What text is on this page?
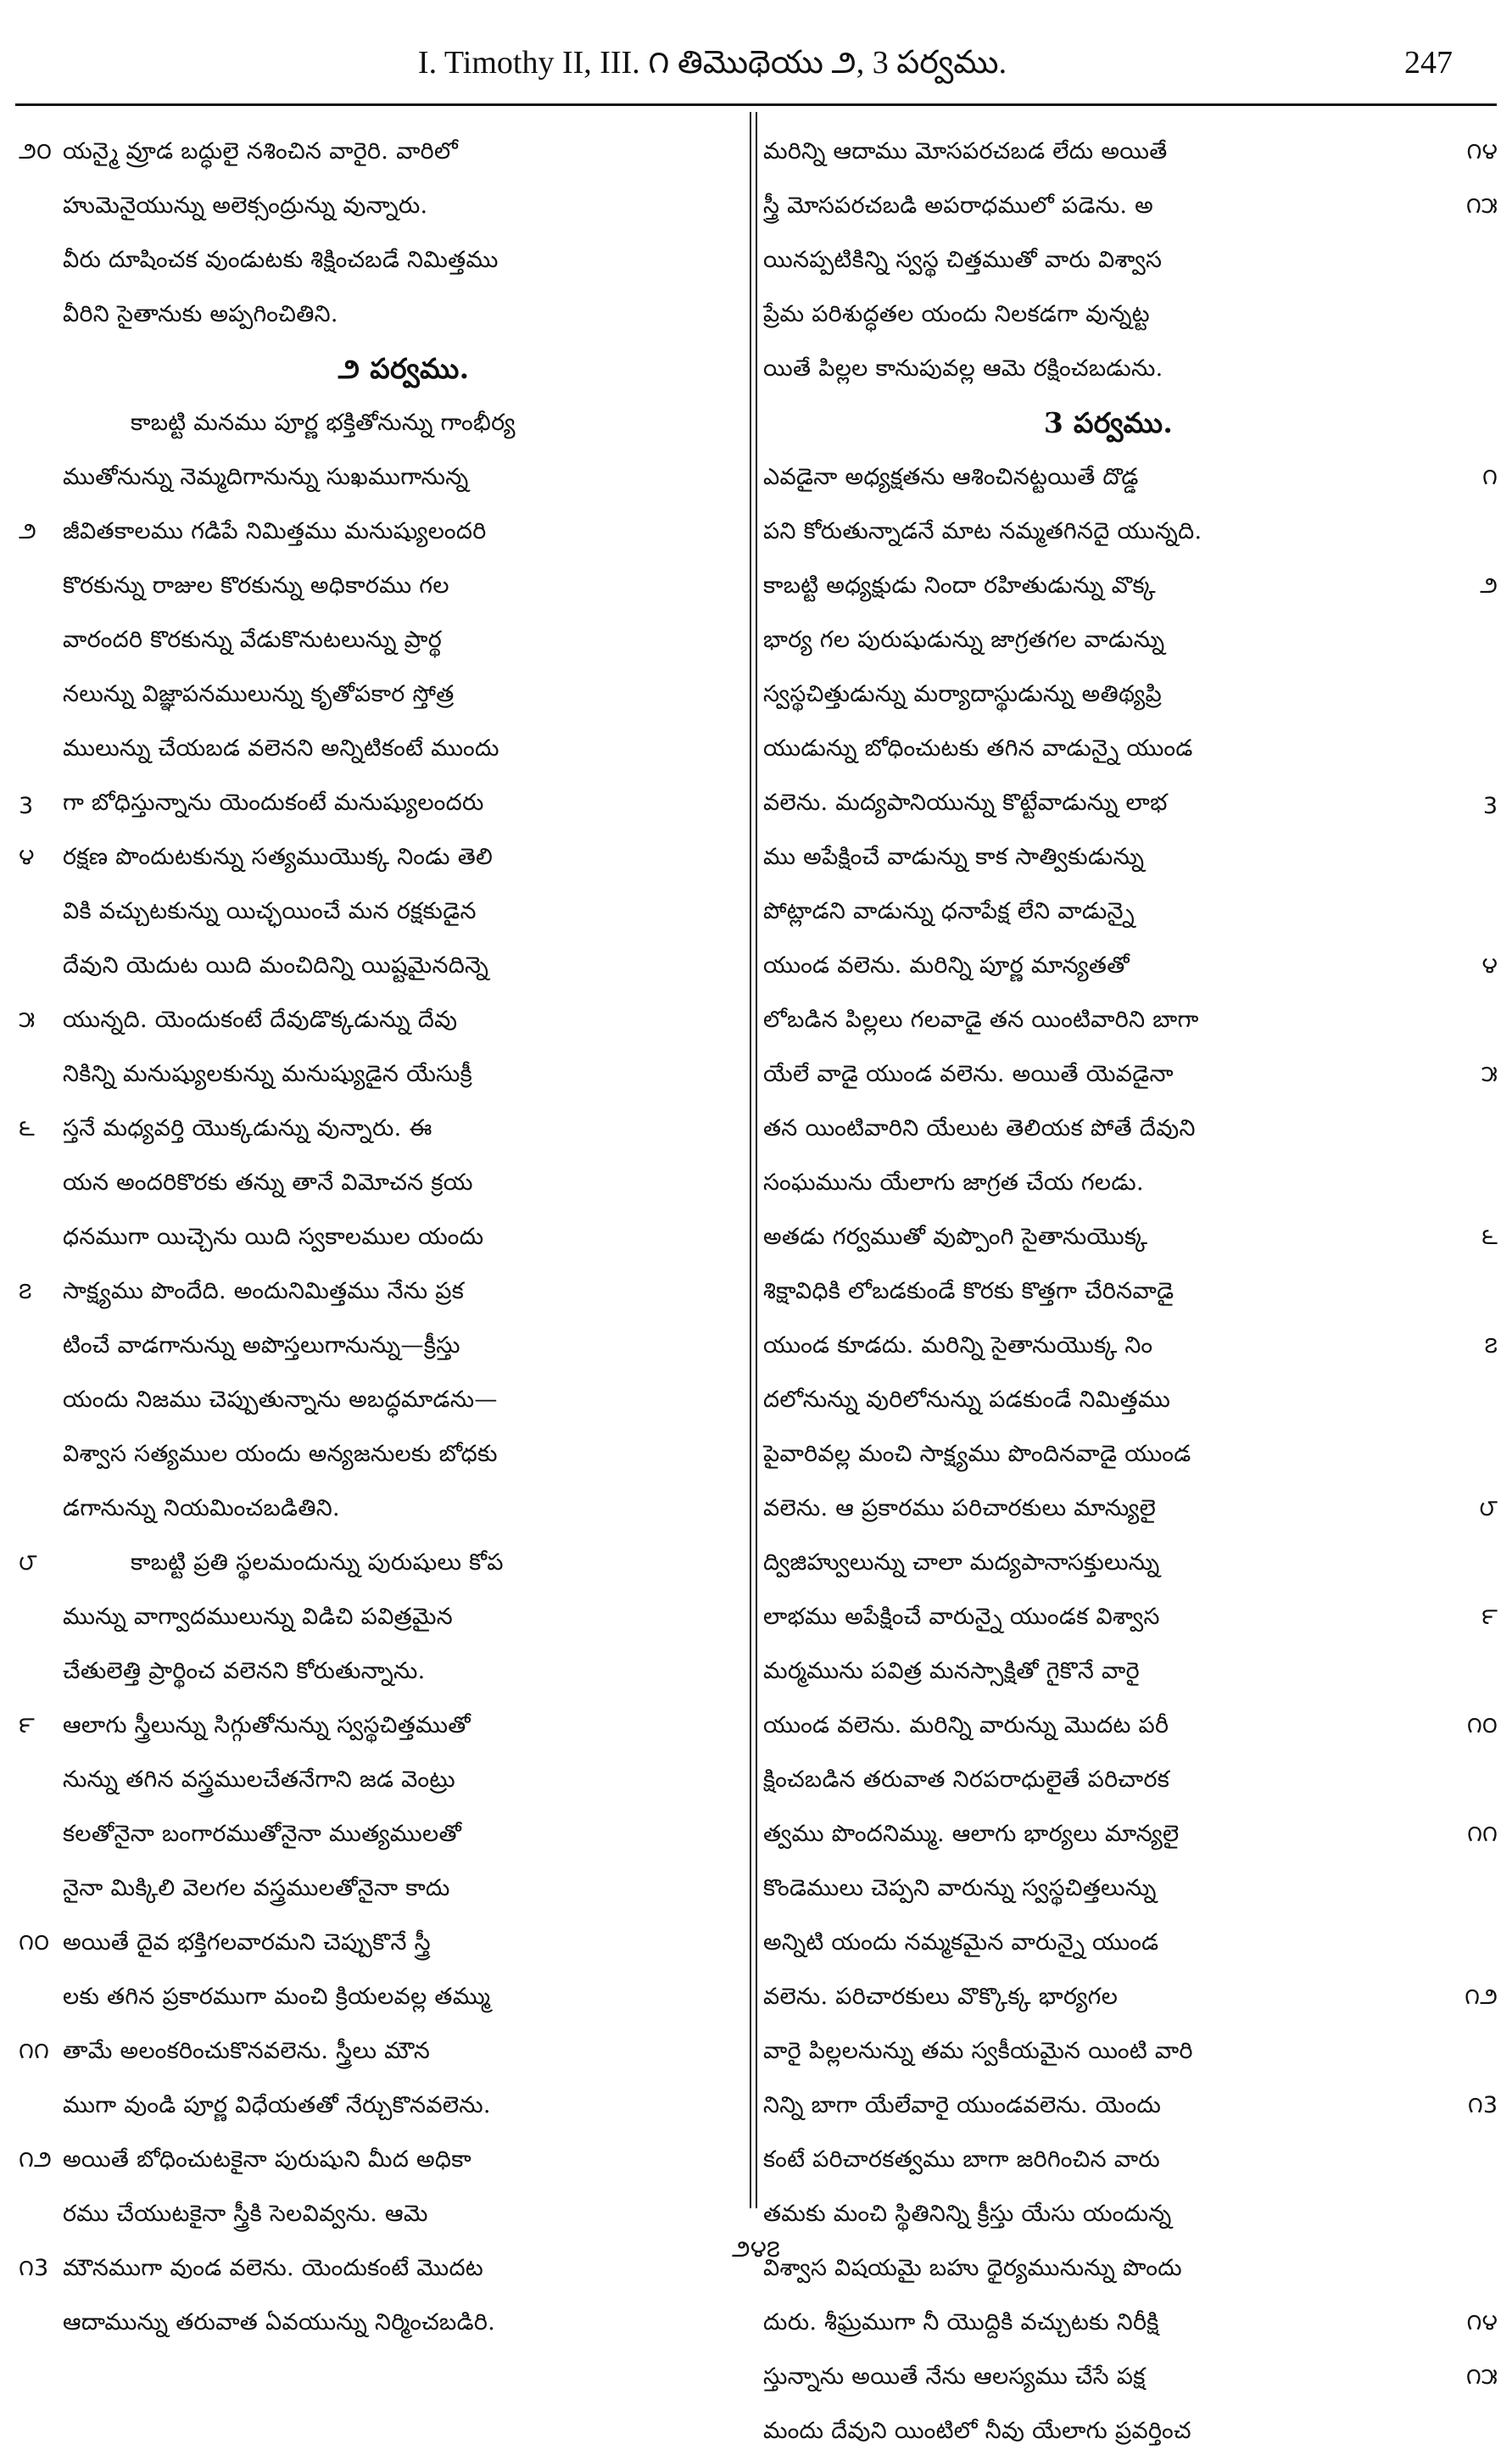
I. Timothy II, III. ౧ తిమొథెయు ౨, 3 పర్వము.	247
౨౦ యన్మై వ్రూడ బద్ధులై నశించిన వారైరి. వారిలో
హుమెనైయున్ను అలెక్సంద్రున్ను వున్నారు.
వీరు దూషించక వుండుటకు శిక్షించబడే నిమిత్తము
వీరిని సైతానుకు అప్పగించితిని.
౨ పర్వము.
కాబట్టి మనము పూర్ణ భక్తితోనున్ను గాంభీర్య
ముతోనున్ను నెమ్మదిగానున్ను సుఖముగానున్న
౨	జీవితకాలము గడిపే నిమిత్తము మనుష్యులందరి
కొరకున్ను రాజుల కొరకున్ను అధికారము గల
వారందరి కొరకున్ను వేడుకొనుటలున్ను ప్రార్థ
నలున్ను విజ్ఞాపనములున్ను కృతోపకార స్తోత్ర
ములున్ను చేయబడ వలెనని అన్నిటికంటే ముందు
3	గా బోధిస్తున్నాను యెందుకంటే మనుష్యులందరు
౪	రక్షణ పొందుటకున్ను సత్యముయొక్క నిండు తెలి
వికి వచ్చుటకున్ను యిచ్ఛయించే మన రక్షకుడైన
దేవుని యెదుట యిది మంచిదిన్ని యిష్టమైనదిన్నె
౫	యున్నది. యెందుకంటే దేవుడొక్కడున్ను దేవు
నికిన్ని మనుష్యులకున్ను మనుష్యుడైన యేసుక్రీ
౬	స్తనే మధ్యవర్తి యొక్కడున్ను వున్నారు. ఈ
యన అందరికొరకు తన్ను తానే విమోచన క్రయ
ధనముగా యిచ్చెను యిది స్వకాలముల యందు
౭	సాక్ష్యము పొందేది. అందునిమిత్తము నేను ప్రక
టించే వాడగానున్ను అపొస్తలుగానున్ను—క్రీస్తు
యందు నిజము చెప్పుతున్నాను అబద్ధమాడను—
విశ్వాస సత్యముల యందు అన్యజనులకు బోధకు
డగానున్ను నియమించబడితిని.
౮	కాబట్టి ప్రతి స్థలమందున్ను పురుషులు కోప
మున్ను వాగ్వాదములున్ను విడిచి పవిత్రమైన
చేతులెత్తి ప్రార్థించ వలెనని కోరుతున్నాను.
౯	ఆలాగు స్త్రీలున్ను సిగ్గుతోనున్ను స్వస్థచిత్తముతో
నున్ను తగిన వస్త్రములచేతనేగాని జడ వెంట్రు
కలతోనైనా బంగారముతోనైనా ముత్యములతో
నైనా మిక్కిలి వెలగల వస్త్రములతోనైనా కాదు
౧౦ అయితే దైవ భక్తిగలవారమని చెప్పుకొనే స్త్రీ
లకు తగిన ప్రకారముగా మంచి క్రియలవల్ల తమ్ము
౧౧ తామే అలంకరించుకొనవలెను. స్త్రీలు మౌన
ముగా వుండి పూర్ణ విధేయతతో నేర్చుకొనవలెను.
౧౨ అయితే బోధించుటకైనా పురుషుని మీద అధికా
రము చేయుటకైనా స్త్రీకి సెలవివ్వను. ఆమె
౧3 మౌనముగా వుండ వలెను. యెందుకంటే మొదట
ఆదామున్ను తరువాత ఏవయున్ను నిర్మించబడిరి.
మరిన్ని ఆదాము మోసపరచబడ లేదు అయితే	౧౪
స్త్రీ మోసపరచబడి అపరాధములో పడెను. అ	౧౫
యినప్పటికిన్ని స్వస్థ చిత్తముతో వారు విశ్వాస
ప్రేమ పరిశుద్ధతల యందు నిలకడగా వున్నట్ట
యితే పిల్లల కానుపువల్ల ఆమె రక్షించబడును.
3 పర్వము.
ఎవడైనా అధ్యక్షతను ఆశించినట్టయితే దొడ్డ	౧
పని కోరుతున్నాడనే మాట నమ్మతగినదై యున్నది.
కాబట్టి అధ్యక్షుడు నిందా రహితుడున్ను వొక్క	౨
భార్య గల పురుషుడున్ను జాగ్రతగల వాడున్ను
స్వస్థచిత్తుడున్ను మర్యాదాస్థుడున్ను అతిథ్యప్రి
యుడున్ను బోధించుటకు తగిన వాడున్నై యుండ
వలెను. మద్యపానియున్ను కొట్టేవాడున్ను లాభ	3
ము అపేక్షించే వాడున్ను కాక సాత్వికుడున్ను
పోట్లాడని వాడున్ను ధనాపేక్ష లేని వాడున్నై
యుండ వలెను. మరిన్ని పూర్ణ మాన్యతతో	౪
లోబడిన పిల్లలు గలవాడై తన యింటివారిని బాగా
యేలే వాడై యుండ వలెను. అయితే యెవడైనా	౫
తన యింటివారిని యేలుట తెలియక పోతే దేవుని
సంఘమును యేలాగు జాగ్రత చేయ గలడు.
అతడు గర్వముతో వుప్పొంగి సైతానుయొక్క	౬
శిక్షావిధికి లోబడకుండే కొరకు కొత్తగా చేరినవాడై
యుండ కూడదు. మరిన్ని సైతానుయొక్క నిం	౭
దలోనున్ను వురిలోనున్ను పడకుండే నిమిత్తము
పైవారివల్ల మంచి సాక్ష్యము పొందినవాడై యుండ
వలెను. ఆ ప్రకారము పరిచారకులు మాన్యులై	౮
ద్విజిహ్వులున్ను చాలా మద్యపానాసక్తులున్ను
లాభము అపేక్షించే వారున్నై యుండక విశ్వాస	౯
మర్మమును పవిత్ర మనస్సాక్షితో గైకొనే వారై
యుండ వలెను. మరిన్ని వారున్ను మొదట పరీ	౧౦
క్షించబడిన తరువాత నిరపరాధులైతే పరిచారక
త్వము పొందనిమ్ము. ఆలాగు భార్యలు మాన్యలై	౧౧
కొండెములు చెప్పని వారున్ను స్వస్థచిత్తలున్ను
అన్నిటి యందు నమ్మకమైన వారున్నై యుండ
వలెను. పరిచారకులు వొక్కొక్క భార్యగల	౧౨
వారై పిల్లలనున్ను తమ స్వకీయమైన యింటి వారి
నిన్ని బాగా యేలేవారై యుండవలెను. యెందు	౧3
కంటే పరిచారకత్వము బాగా జరిగించిన వారు
తమకు మంచి స్థితినిన్ని క్రీస్తు యేసు యందున్న
విశ్వాస విషయమై బహు ధైర్యమునున్ను పొందు
దురు. శీఘ్రముగా నీ యొద్దికి వచ్చుటకు నిరీక్షి	౧౪
స్తున్నాను అయితే నేను ఆలస్యము చేసే పక్ష	౧౫
మందు దేవుని యింటిలో నీవు యేలాగు ప్రవర్తించ
౨౪౭
